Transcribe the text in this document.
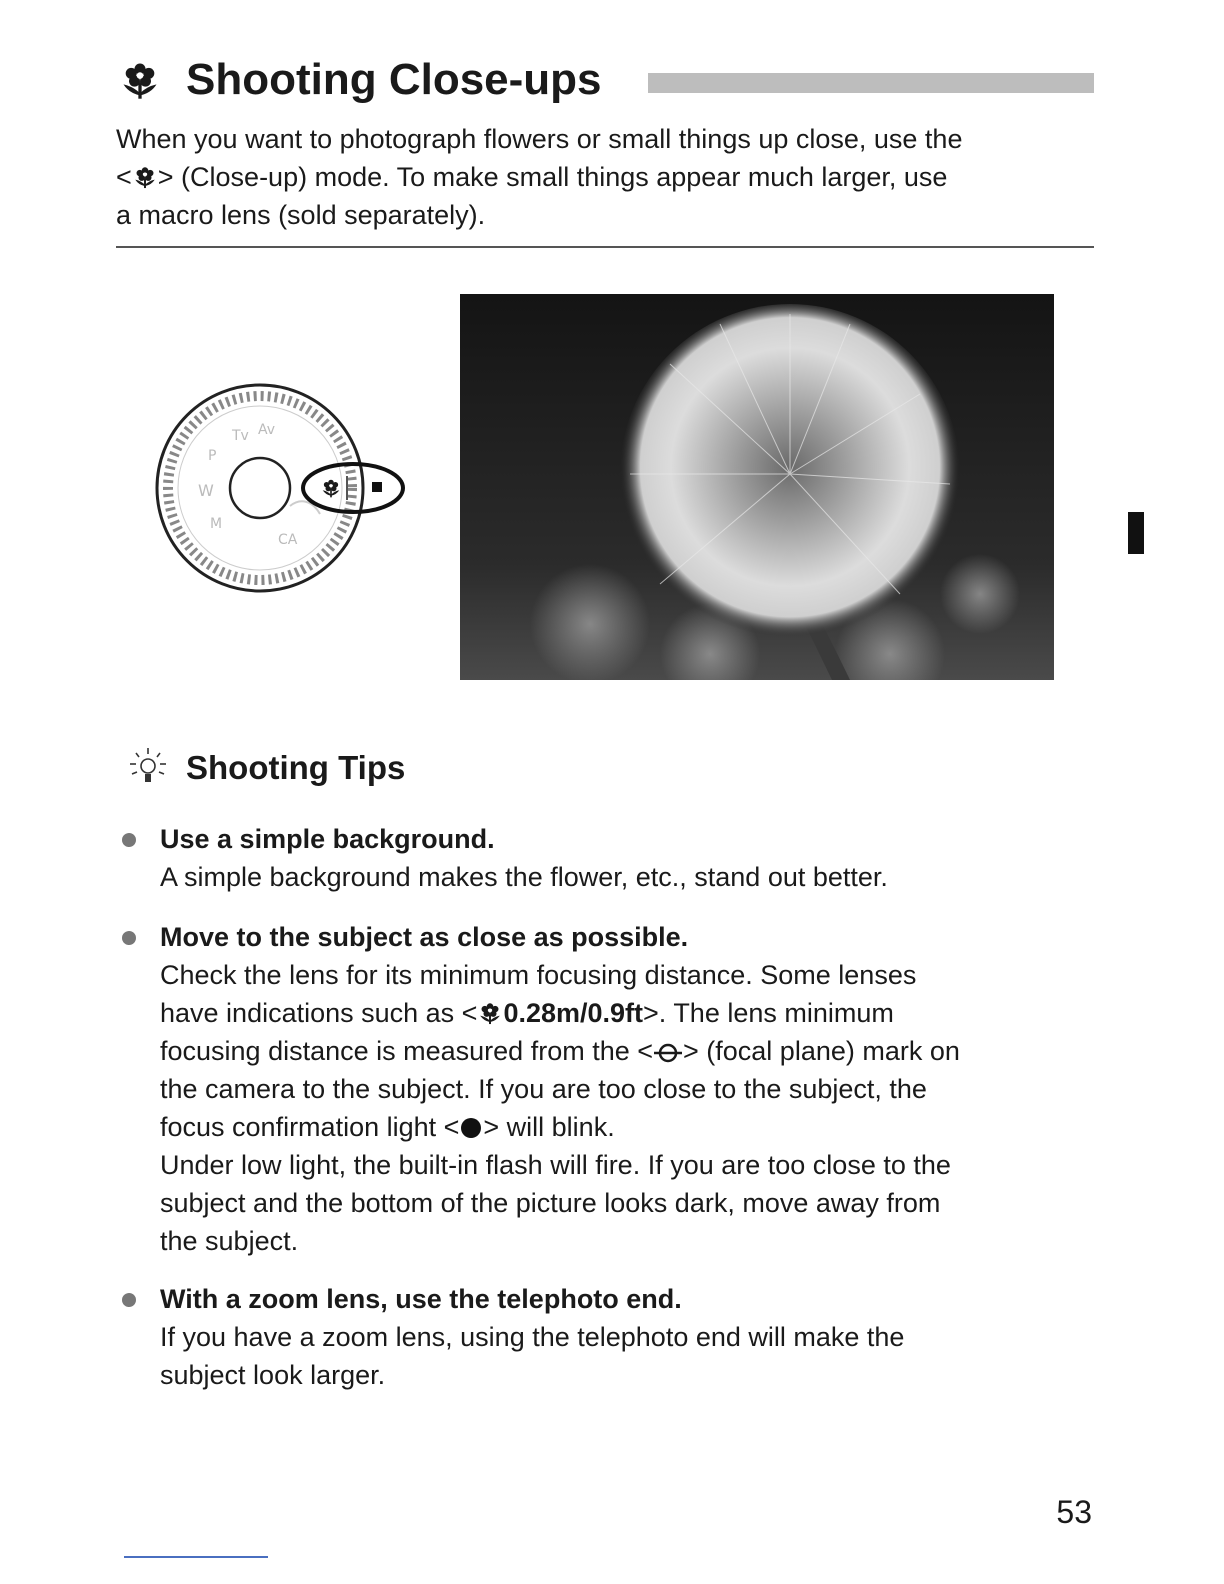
Shooting Close-ups
When you want to photograph flowers or small things up close, use the
< > (Close-up) mode. To make small things appear much larger, use
a macro lens (sold separately).
W
P
Tv Av
M
CA
Shooting Tips
Use a simple background.
A simple background makes the flower, etc., stand out better.
Move to the subject as close as possible.
Check the lens for its minimum focusing distance. Some lenses
have indications such as < 0.28m/0.9ft>. The lens minimum
focusing distance is measured from the < > (focal plane) mark on
the camera to the subject. If you are too close to the subject, the
focus confirmation light < > will blink.
Under low light, the built-in flash will fire. If you are too close to the
subject and the bottom of the picture looks dark, move away from
the subject.
With a zoom lens, use the telephoto end.
If you have a zoom lens, using the telephoto end will make the
subject look larger.
53
